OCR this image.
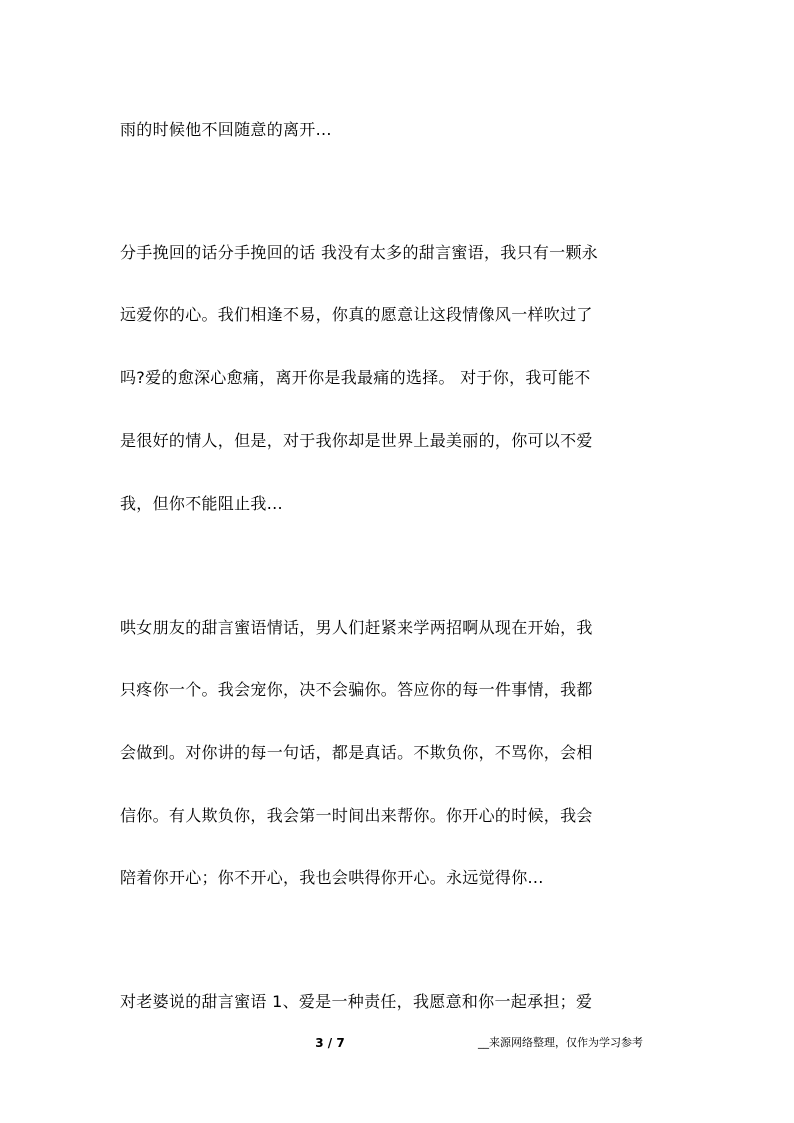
雨的时候他不回随意的离开...
分手挽回的话分手挽回的话 我没有太多的甜言蜜语，我只有一颗永
远爱你的心。我们相逢不易，你真的愿意让这段情像风一样吹过了
吗?爱的愈深心愈痛，离开你是我最痛的选择。 对于你，我可能不
是很好的情人，但是，对于我你却是世界上最美丽的，你可以不爱
我，但你不能阻止我...
哄女朋友的甜言蜜语情话，男人们赶紧来学两招啊从现在开始，我
只疼你一个。我会宠你，决不会骗你。答应你的每一件事情，我都
会做到。对你讲的每一句话，都是真话。不欺负你，不骂你，会相
信你。有人欺负你，我会第一时间出来帮你。你开心的时候，我会
陪着你开心；你不开心，我也会哄得你开心。永远觉得你...
对老婆说的甜言蜜语 1、爱是一种责任，我愿意和你一起承担；爱
3 / 7	__来源网络整理，仅作为学习参考
